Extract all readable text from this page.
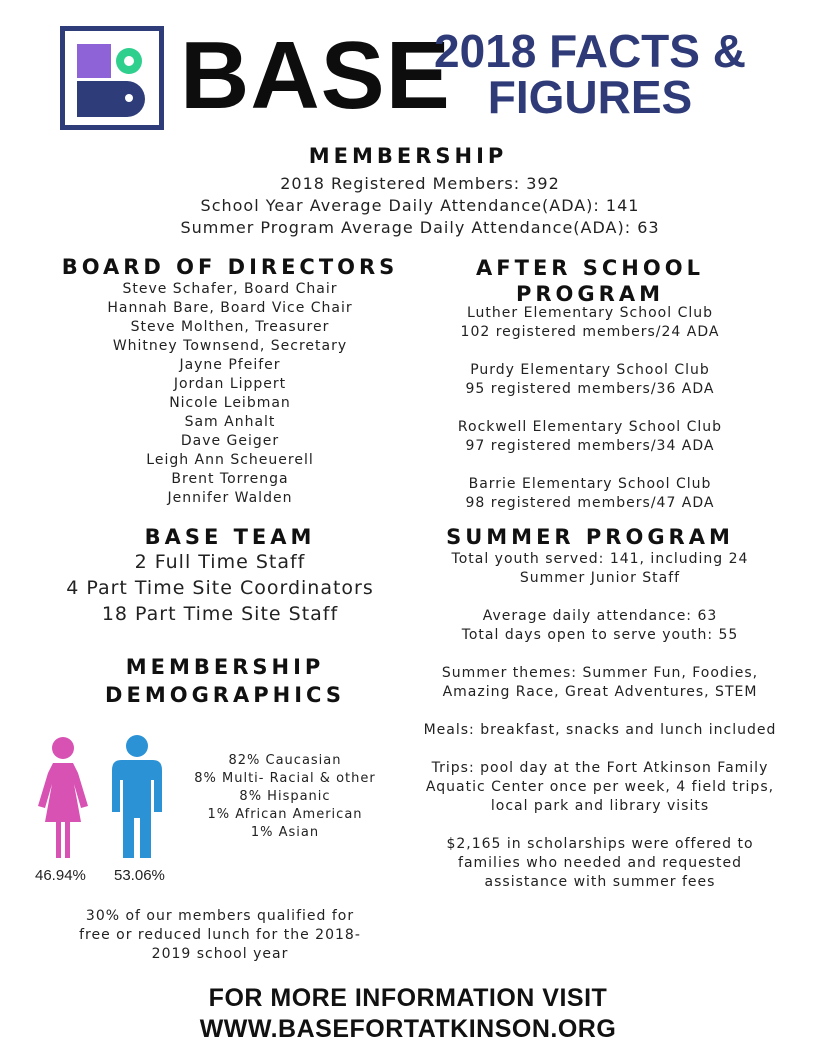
BASE
2018 FACTS &
FIGURES
MEMBERSHIP
2018 Registered Members: 392
School Year Average Daily Attendance(ADA): 141
Summer Program Average Daily Attendance(ADA): 63
BOARD OF DIRECTORS
Steve Schafer, Board Chair
Hannah Bare, Board Vice Chair
Steve Molthen, Treasurer
Whitney Townsend, Secretary
Jayne Pfeifer
Jordan Lippert
Nicole Leibman
Sam Anhalt
Dave Geiger
Leigh Ann Scheuerell
Brent Torrenga
Jennifer Walden
AFTER SCHOOL
PROGRAM
Luther Elementary School Club
102 registered members/24 ADA
Purdy Elementary School Club
95 registered members/36 ADA
Rockwell Elementary School Club
97 registered members/34 ADA
Barrie Elementary School Club
98 registered members/47 ADA
BASE TEAM
2 Full Time Staff
4 Part Time Site Coordinators
18 Part Time Site Staff
SUMMER PROGRAM
Total youth served: 141, including 24
Summer Junior Staff
Average daily attendance: 63
Total days open to serve youth: 55
Summer themes: Summer Fun, Foodies,
Amazing Race, Great Adventures, STEM
Meals: breakfast, snacks and lunch included
Trips: pool day at the Fort Atkinson Family
Aquatic Center once per week, 4 field trips,
local park and library visits
$2,165 in scholarships were offered to
families who needed and requested
assistance with summer fees
MEMBERSHIP
DEMOGRAPHICS
46.94% 53.06%
82% Caucasian
8% Multi- Racial & other
8% Hispanic
1% African American
1% Asian
30% of our members qualified for
free or reduced lunch for the 2018-
2019 school year
FOR MORE INFORMATION VISIT
WWW.BASEFORTATKINSON.ORG
